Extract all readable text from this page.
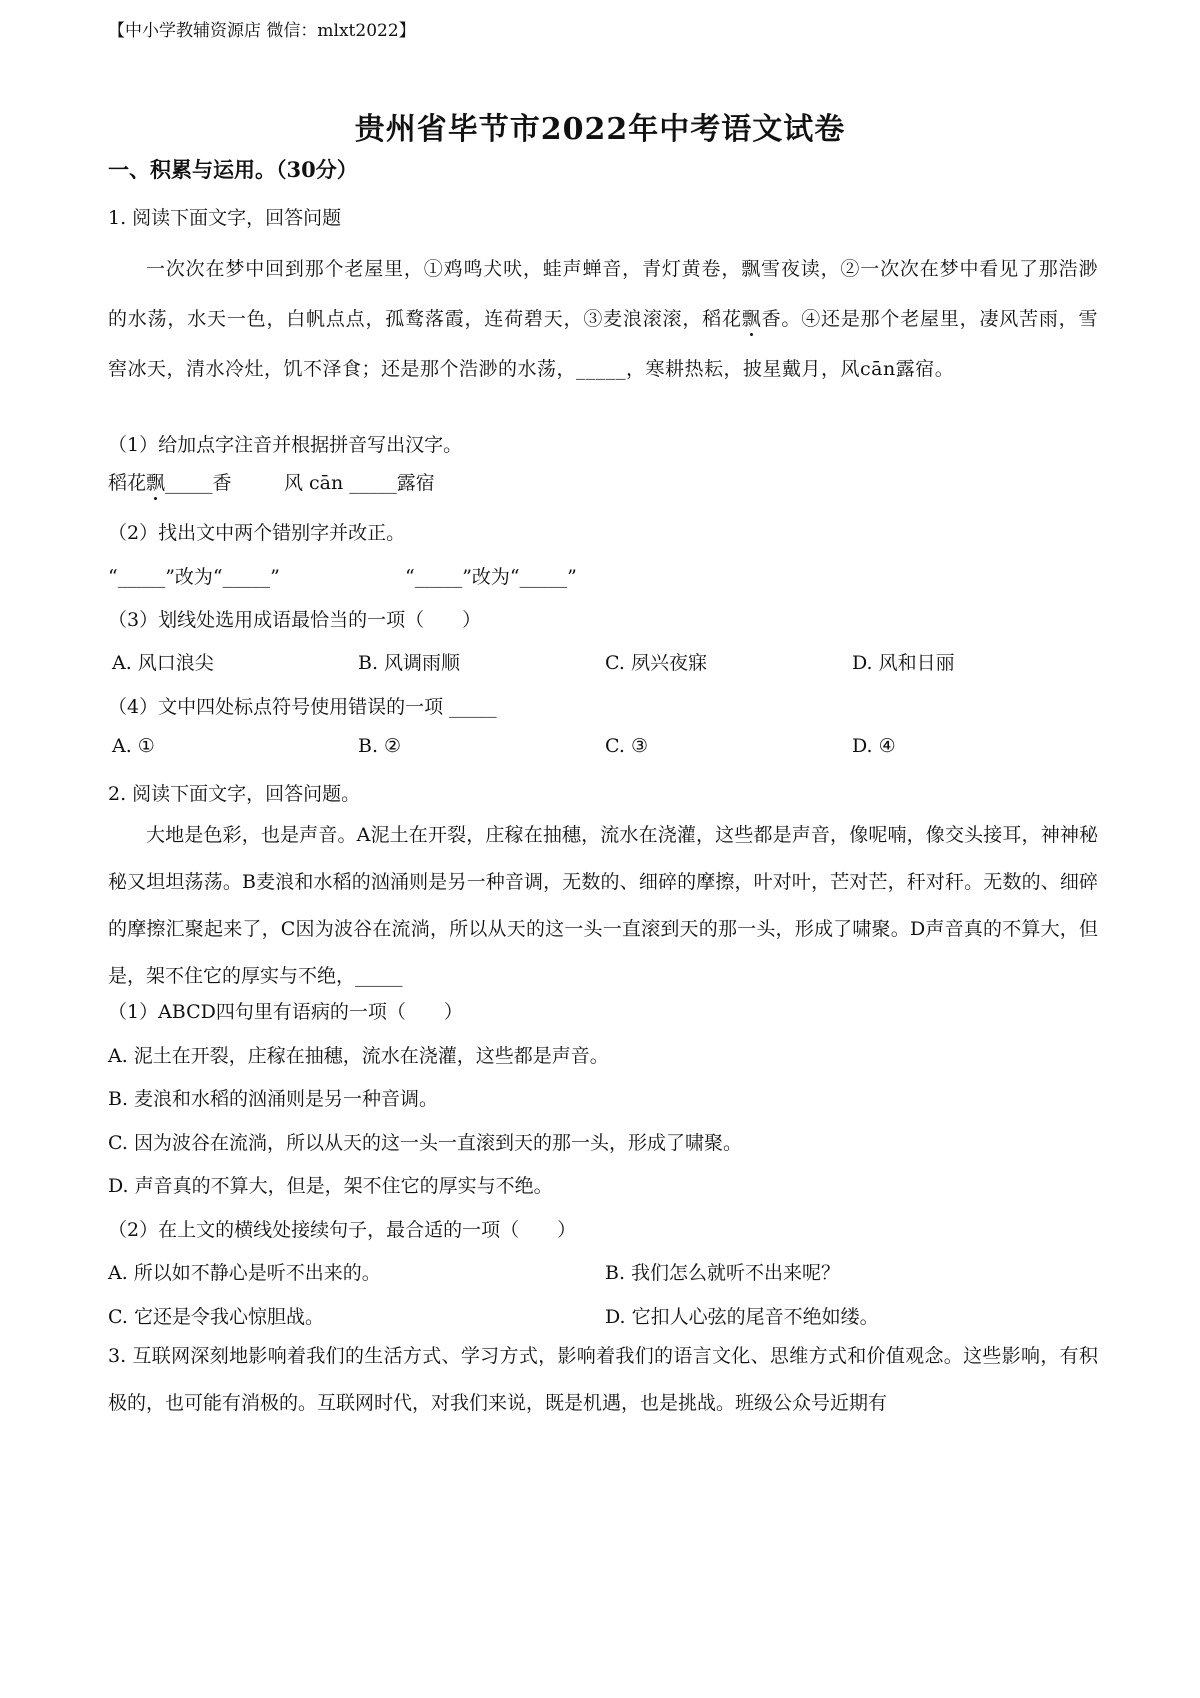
【中小学教辅资源店 微信：mlxt2022】
贵州省毕节市2022年中考语文试卷
一、积累与运用。（30分）
1. 阅读下面文字，回答问题
一次次在梦中回到那个老屋里，①鸡鸣犬吠，蛙声蝉音，青灯黄卷，飘雪夜读，②一次次在梦中看见了那浩渺的水荡，水天一色，白帆点点，孤鹜落霞，连荷碧天，③麦浪滚滚，稻花飘香。④还是那个老屋里，凄风苦雨，雪窖冰天，清水冷灶，饥不泽食；还是那个浩渺的水荡，_____，寒耕热耘，披星戴月，风cān露宿。
（1）给加点字注音并根据拼音写出汉字。
稻花飘_____香	风 cān _____露宿
（2）找出文中两个错别字并改正。
“_____”改为“_____”	“_____”改为“_____”
（3）划线处选用成语最恰当的一项（　　）
A. 风口浪尖	B. 风调雨顺	C. 夙兴夜寐	D. 风和日丽
（4）文中四处标点符号使用错误的一项 _____
A. ①	B. ②	C. ③	D. ④
2. 阅读下面文字，回答问题。
大地是色彩，也是声音。A泥土在开裂，庄稼在抽穗，流水在浇灌，这些都是声音，像呢喃，像交头接耳，神神秘秘又坦坦荡荡。B麦浪和水稻的汹涌则是另一种音调，无数的、细碎的摩擦，叶对叶，芒对芒，秆对秆。无数的、细碎的摩擦汇聚起来了，C因为波谷在流淌，所以从天的这一头一直滚到天的那一头，形成了啸聚。D声音真的不算大，但是，架不住它的厚实与不绝，_____
（1）ABCD四句里有语病的一项（　　）
A. 泥土在开裂，庄稼在抽穗，流水在浇灌，这些都是声音。
B. 麦浪和水稻的汹涌则是另一种音调。
C. 因为波谷在流淌，所以从天的这一头一直滚到天的那一头，形成了啸聚。
D. 声音真的不算大，但是，架不住它的厚实与不绝。
（2）在上文的横线处接续句子，最合适的一项（　　）
A. 所以如不静心是听不出来的。	B. 我们怎么就听不出来呢？
C. 它还是令我心惊胆战。	D. 它扣人心弦的尾音不绝如缕。
3. 互联网深刻地影响着我们的生活方式、学习方式，影响着我们的语言文化、思维方式和价值观念。这些影响，有积极的，也可能有消极的。互联网时代，对我们来说，既是机遇，也是挑战。班级公众号近期有
